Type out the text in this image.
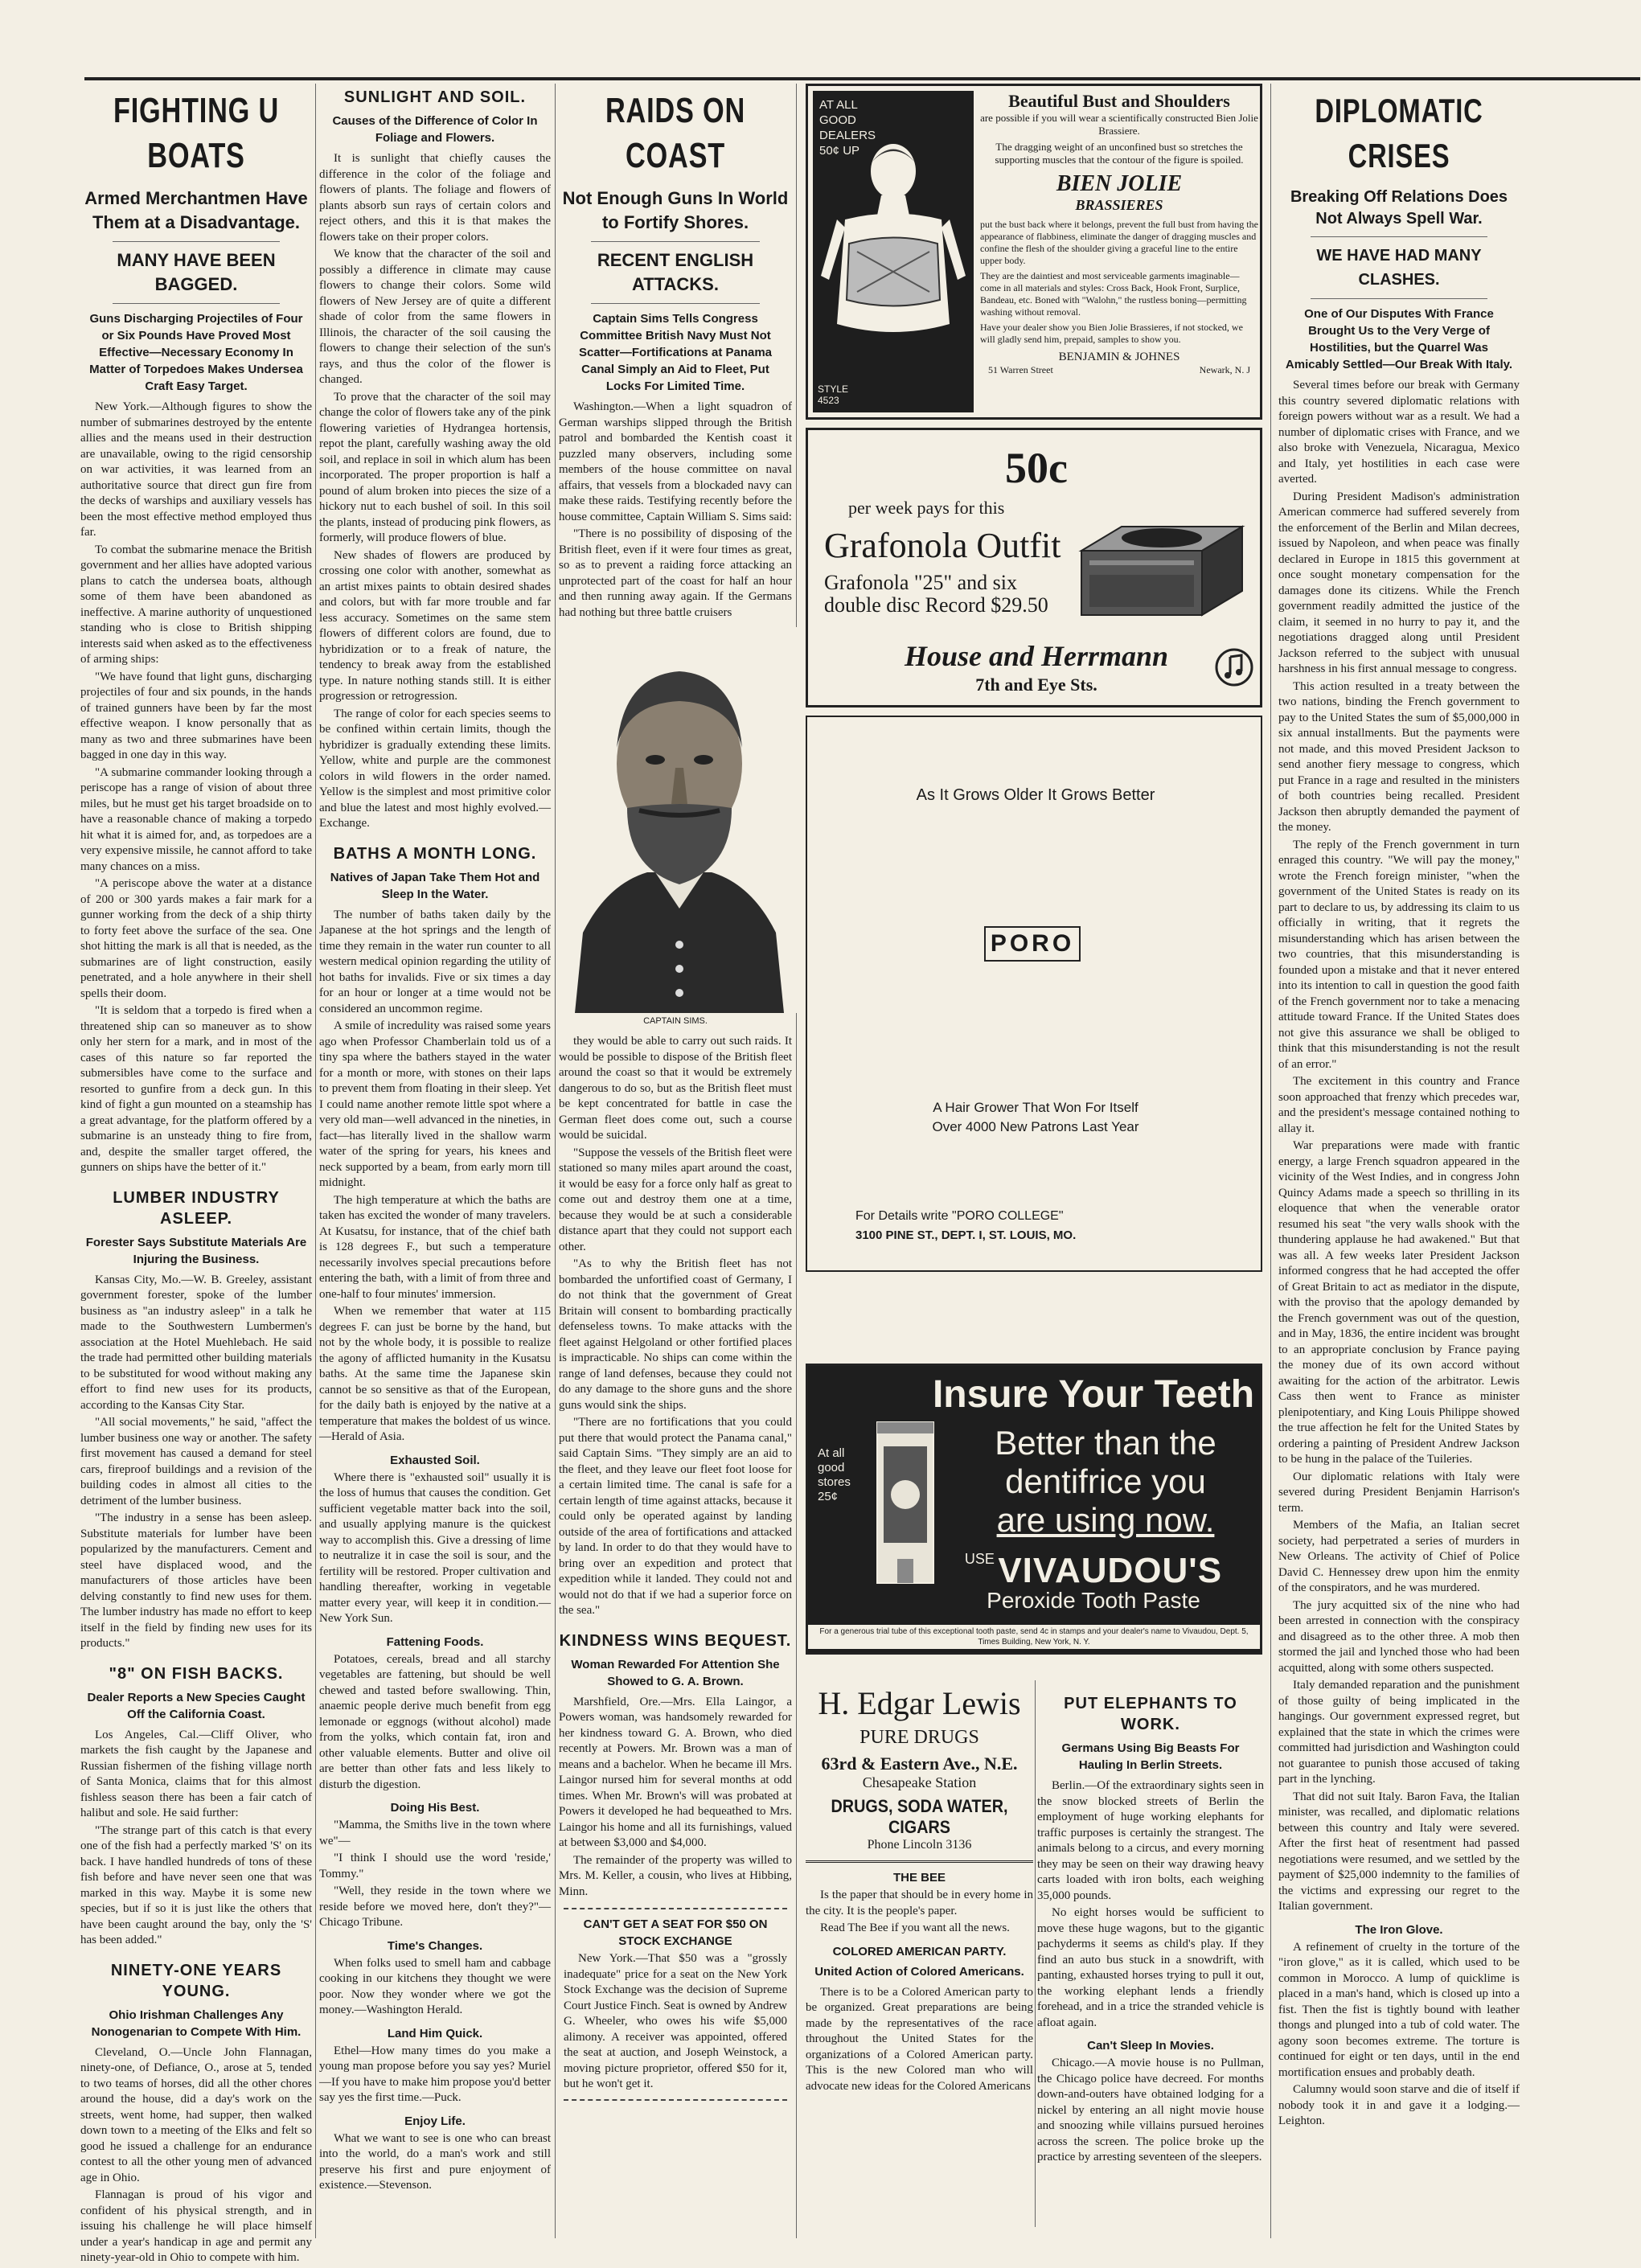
FIGHTING U BOATS
Armed Merchantmen Have Them at a Disadvantage.
MANY HAVE BEEN BAGGED.
Guns Discharging Projectiles of Four or Six Pounds Have Proved Most Effective—Necessary Economy In Matter of Torpedoes Makes Undersea Craft Easy Target.

New York.—Although figures to show the number of submarines destroyed by the entente allies and the means used in their destruction are unavailable, owing to the rigid censorship on war activities, it was learned from an authoritative source that direct gun fire from the decks of warships and auxiliary vessels has been the most effective method employed thus far.

To combat the submarine menace the British government and her allies have adopted various plans to catch the undersea boats, although some of them have been abandoned as ineffective. A marine authority of unquestioned standing who is close to British shipping interests said when asked as to the effectiveness of arming ships:

"We have found that light guns, discharging projectiles of four and six pounds, in the hands of trained gunners have been by far the most effective weapon. I know personally that as many as two and three submarines have been bagged in one day in this way.

"A submarine commander looking through a periscope has a range of vision of about three miles, but he must get his target broadside on to have a reasonable chance of making a torpedo hit what it is aimed for, and, as torpedoes are a very expensive missile, he cannot afford to take many chances on a miss.

"A periscope above the water at a distance of 200 or 300 yards makes a fair mark for a gunner working from the deck of a ship thirty to forty feet above the surface of the sea. One shot hitting the mark is all that is needed, as the submarines are of light construction, easily penetrated, and a hole anywhere in their shell spells their doom.

"It is seldom that a torpedo is fired when a threatened ship can so maneuver as to show only her stern for a mark, and in most of the cases of this nature so far reported the submersibles have come to the surface and resorted to gunfire from a deck gun. In this kind of fight a gun mounted on a steamship has a great advantage, for the platform offered by a submarine is an unsteady thing to fire from, and, despite the smaller target offered, the gunners on ships have the better of it."

LUMBER INDUSTRY ASLEEP.
Forester Says Substitute Materials Are Injuring the Business.

Kansas City, Mo.—W. B. Greeley, assistant government forester, spoke of the lumber business as "an industry asleep" in a talk he made to the Southwestern Lumbermen's association at the Hotel Muehlebach. He said the trade had permitted other building materials to be substituted for wood without making any effort to find new uses for its products, according to the Kansas City Star.

"All social movements," he said, "affect the lumber business one way or another. The safety first movement has caused a demand for steel cars, fireproof buildings and a revision of the building codes in almost all cities to the detriment of the lumber business.

"The industry in a sense has been asleep. Substitute materials for lumber have been popularized by the manufacturers. Cement and steel have displaced wood, and the manufacturers of those articles have been delving constantly to find new uses for them. The lumber industry has made no effort to keep itself in the field by finding new uses for its products."

"8" ON FISH BACKS.
Dealer Reports a New Species Caught Off the California Coast.

Los Angeles, Cal.—Cliff Oliver, who markets the fish caught by the Japanese and Russian fishermen of the fishing village north of Santa Monica, claims that for this almost fishless season there has been a fair catch of halibut and sole. He said further:

"The strange part of this catch is that every one of the fish had a perfectly marked 'S' on its back. I have handled hundreds of tons of these fish before and have never seen one that was marked in this way. Maybe it is some new species, but if so it is just like the others that have been caught around the bay, only the 'S' has been added."

NINETY-ONE YEARS YOUNG.
Ohio Irishman Challenges Any Nonogenarian to Compete With Him.

Cleveland, O.—Uncle John Flannagan, ninety-one, of Defiance, O., arose at 5, tended to two teams of horses, did all the other chores around the house, did a day's work on the streets, went home, had supper, then walked down town to a meeting of the Elks and felt so good he issued a challenge for an endurance contest to all the other young men of advanced age in Ohio.

Flannagan is proud of his vigor and confident of his physical strength, and in issuing his challenge he will place himself under a year's handicap in age and permit any ninety-year-old in Ohio to compete with him.

SUNLIGHT AND SOIL.
Causes of the Difference of Color In Foliage and Flowers.

It is sunlight that chiefly causes the difference in the color of the foliage and flowers of plants. The foliage and flowers of plants absorb sun rays of certain colors and reject others, and this it is that makes the flowers take on their proper colors.

We know that the character of the soil and possibly a difference in climate may cause flowers to change their colors. Some wild flowers of New Jersey are of quite a different shade of color from the same flowers in Illinois, the character of the soil causing the flowers to change their selection of the sun's rays, and thus the color of the flower is changed.

To prove that the character of the soil may change the color of flowers take any of the pink flowering varieties of Hydrangea hortensis, repot the plant, carefully washing away the old soil, and replace in soil in which alum has been incorporated. The proper proportion is half a pound of alum broken into pieces the size of a hickory nut to each bushel of soil. In this soil the plants, instead of producing pink flowers, as formerly, will produce flowers of blue.

New shades of flowers are produced by crossing one color with another, somewhat as an artist mixes paints to obtain desired shades and colors, but with far more trouble and far less accuracy. Sometimes on the same stem flowers of different colors are found, due to hybridization or to a freak of nature, the tendency to break away from the established type. In nature nothing stands still. It is either progression or retrogression.

The range of color for each species seems to be confined within certain limits, though the hybridizer is gradually extending these limits. Yellow, white and purple are the commonest colors in wild flowers in the order named. Yellow is the simplest and most primitive color and blue the latest and most highly evolved.—Exchange.

BATHS A MONTH LONG.
Natives of Japan Take Them Hot and Sleep In the Water.

The number of baths taken daily by the Japanese at the hot springs and the length of time they remain in the water run counter to all western medical opinion regarding the utility of hot baths for invalids. Five or six times a day for an hour or longer at a time would not be considered an uncommon regime.

A smile of incredulity was raised some years ago when Professor Chamberlain told us of a tiny spa where the bathers stayed in the water for a month or more, with stones on their laps to prevent them from floating in their sleep. Yet I could name another remote little spot where a very old man—well advanced in the nineties, in fact—has literally lived in the shallow warm water of the spring for years, his knees and neck supported by a beam, from early morn till midnight.

The high temperature at which the baths are taken has excited the wonder of many travelers. At Kusatsu, for instance, that of the chief bath is 128 degrees F., but such a temperature necessarily involves special precautions before entering the bath, with a limit of from three and one-half to four minutes' immersion.

When we remember that water at 115 degrees F. can just be borne by the hand, but not by the whole body, it is possible to realize the agony of afflicted humanity in the Kusatsu baths. At the same time the Japanese skin cannot be so sensitive as that of the European, for the daily bath is enjoyed by the native at a temperature that makes the boldest of us wince.—Herald of Asia.

Exhausted Soil.

Where there is "exhausted soil" usually it is the loss of humus that causes the condition. Get sufficient vegetable matter back into the soil, and usually applying manure is the quickest way to accomplish this. Give a dressing of lime to neutralize it in case the soil is sour, and the fertility will be restored. Proper cultivation and handling thereafter, working in vegetable matter every year, will keep it in condition.—New York Sun.

Fattening Foods.

Potatoes, cereals, bread and all starchy vegetables are fattening, but should be well chewed and tasted before swallowing. Thin, anaemic people derive much benefit from egg lemonade or eggnogs (without alcohol) made from the yolks, which contain fat, iron and other valuable elements. Butter and olive oil are better than other fats and less likely to disturb the digestion.

Doing His Best.

"Mamma, the Smiths live in the town where we"—

"I think I should use the word 'reside,' Tommy."

"Well, they reside in the town where we reside before we moved here, don't they?"—Chicago Tribune.

Time's Changes.

When folks used to smell ham and cabbage cooking in our kitchens they thought we were poor. Now they wonder where we got the money.—Washington Herald.

Land Him Quick.

Ethel—How many times do you make a young man propose before you say yes? Muriel—If you have to make him propose you'd better say yes the first time.—Puck.

Enjoy Life.

What we want to see is one who can breast into the world, do a man's work and still preserve his first and pure enjoyment of existence.—Stevenson.

RAIDS ON COAST
Not Enough Guns In World to Fortify Shores.
RECENT ENGLISH ATTACKS.
Captain Sims Tells Congress Committee British Navy Must Not Scatter—Fortifications at Panama Canal Simply an Aid to Fleet, Put Locks For Limited Time.

Washington.—When a light squadron of German warships slipped through the British patrol and bombarded the Kentish coast it puzzled many observers, including some members of the house committee on naval affairs, that vessels from a blockaded navy can make these raids. Testifying recently before the house committee, Captain William S. Sims said:

"There is no possibility of disposing of the British fleet, even if it were four times as great, so as to prevent a raiding force attacking an unprotected part of the coast for half an hour and then running away again. If the Germans had nothing but three battle cruisers

CAPTAIN SIMS.

they would be able to carry out such raids. It would be possible to dispose of the British fleet around the coast so that it would be extremely dangerous to do so, but as the British fleet must be kept concentrated for battle in case the German fleet does come out, such a course would be suicidal.

"Suppose the vessels of the British fleet were stationed so many miles apart around the coast, it would be easy for a force only half as great to come out and destroy them one at a time, because they would be at such a considerable distance apart that they could not support each other.

"As to why the British fleet has not bombarded the unfortified coast of Germany, I do not think that the government of Great Britain will consent to bombarding practically defenseless towns. To make attacks with the fleet against Helgoland or other fortified places is impracticable. No ships can come within the range of land defenses, because they could not do any damage to the shore guns and the shore guns would sink the ships.

"There are no fortifications that you could put there that would protect the Panama canal," said Captain Sims. "They simply are an aid to the fleet, and they leave our fleet foot loose for a certain limited time. The canal is safe for a certain length of time against attacks, because it could only be operated against by landing outside of the area of fortifications and attacked by land. In order to do that they would have to bring over an expedition and protect that expedition while it landed. They could not and would not do that if we had a superior force on the sea."

KINDNESS WINS BEQUEST.
Woman Rewarded For Attention She Showed to G. A. Brown.

Marshfield, Ore.—Mrs. Ella Laingor, a Powers woman, was handsomely rewarded for her kindness toward G. A. Brown, who died recently at Powers. Mr. Brown was a man of means and a bachelor. When he became ill Mrs. Laingor nursed him for several months at odd times. When Mr. Brown's will was probated at Powers it developed he had bequeathed to Mrs. Laingor his home and all its furnishings, valued at between $3,000 and $4,000.

The remainder of the property was willed to Mrs. M. Keller, a cousin, who lives at Hibbing, Minn.

CAN'T GET A SEAT FOR $50 ON STOCK EXCHANGE

New York.—That $50 was a "grossly inadequate" price for a seat on the New York Stock Exchange was the decision of Supreme Court Justice Finch. Seat is owned by Andrew G. Wheeler, who owes his wife $5,000 alimony. A receiver was appointed, offered the seat at auction, and Joseph Weinstock, a moving picture proprietor, offered $50 for it, but he won't get it.

AT ALL GOOD DEALERS 50¢ UP
STYLE 4523
Beautiful Bust and Shoulders
are possible if you will wear a scientifically constructed Bien Jolie Brassiere.
The dragging weight of an unconfined bust so stretches the supporting muscles that the contour of the figure is spoiled.
BIEN JOLIE
BRASSIERES
put the bust back where it belongs, prevent the full bust from having the appearance of flabbiness, eliminate the danger of dragging muscles and confine the flesh of the shoulder giving a graceful line to the entire upper body.
They are the daintiest and most serviceable garments imaginable—come in all materials and styles: Cross Back, Hook Front, Surplice, Bandeau, etc. Boned with "Walohn," the rustless boning—permitting washing without removal.
Have your dealer show you Bien Jolie Brassieres, if not stocked, we will gladly send him, prepaid, samples to show you.
BENJAMIN & JOHNES
51 Warren Street	Newark, N. J
50c
per week pays for this
Grafonola Outfit
Grafonola "25" and six double disc Record $29.50
House and Herrmann
7th and Eye Sts.
As It Grows Older It Grows Better
PORO
A Hair Grower That Won For Itself
Over 4000 New Patrons Last Year
For Details write "PORO COLLEGE"
3100 PINE ST., DEPT. I, ST. LOUIS, MO.
Insure Your Teeth
At all good stores 25¢
Better than the
dentifrice you
are using now.
USE VIVAUDOU'S
Peroxide Tooth Paste
For a generous trial tube of this exceptional tooth paste, send 4c in stamps and your dealer's name to Vivaudou, Dept. 5, Times Building, New York, N. Y.
H. Edgar Lewis
PURE DRUGS
63rd & Eastern Ave., N.E.
Chesapeake Station
DRUGS, SODA WATER, CIGARS
Phone Lincoln 3136
THE BEE

Is the paper that should be in every home in the city. It is the people's paper.

Read The Bee if you want all the news.

COLORED AMERICAN PARTY.
United Action of Colored Americans.

There is to be a Colored American party to be organized. Great preparations are being made by the representatives of the race throughout the United States for the organizations of a Colored American party. This is the new Colored man who will advocate new ideas for the Colored Americans

PUT ELEPHANTS TO WORK.
Germans Using Big Beasts For Hauling In Berlin Streets.

Berlin.—Of the extraordinary sights seen in the snow blocked streets of Berlin the employment of huge working elephants for traffic purposes is certainly the strangest. The animals belong to a circus, and every morning they may be seen on their way drawing heavy carts loaded with iron bolts, each weighing 35,000 pounds.

No eight horses would be sufficient to move these huge wagons, but to the gigantic pachyderms it seems as child's play. If they find an auto bus stuck in a snowdrift, with panting, exhausted horses trying to pull it out, the working elephant lends a friendly forehead, and in a trice the stranded vehicle is afloat again.

Can't Sleep In Movies.

Chicago.—A movie house is no Pullman, the Chicago police have decreed. For months down-and-outers have obtained lodging for a nickel by entering an all night movie house and snoozing while villains pursued heroines across the screen. The police broke up the practice by arresting seventeen of the sleepers.

DIPLOMATIC CRISES
Breaking Off Relations Does Not Always Spell War.
WE HAVE HAD MANY CLASHES.
One of Our Disputes With France Brought Us to the Very Verge of Hostilities, but the Quarrel Was Amicably Settled—Our Break With Italy.

Several times before our break with Germany this country severed diplomatic relations with foreign powers without war as a result. We had a number of diplomatic crises with France, and we also broke with Venezuela, Nicaragua, Mexico and Italy, yet hostilities in each case were averted.

During President Madison's administration American commerce had suffered severely from the enforcement of the Berlin and Milan decrees, issued by Napoleon, and when peace was finally declared in Europe in 1815 this government at once sought monetary compensation for the damages done its citizens. While the French government readily admitted the justice of the claim, it seemed in no hurry to pay it, and the negotiations dragged along until President Jackson referred to the subject with unusual harshness in his first annual message to congress.

This action resulted in a treaty between the two nations, binding the French government to pay to the United States the sum of $5,000,000 in six annual installments. But the payments were not made, and this moved President Jackson to send another fiery message to congress, which put France in a rage and resulted in the ministers of both countries being recalled. President Jackson then abruptly demanded the payment of the money.

The reply of the French government in turn enraged this country. "We will pay the money," wrote the French foreign minister, "when the government of the United States is ready on its part to declare to us, by addressing its claim to us officially in writing, that it regrets the misunderstanding which has arisen between the two countries, that this misunderstanding is founded upon a mistake and that it never entered into its intention to call in question the good faith of the French government nor to take a menacing attitude toward France. If the United States does not give this assurance we shall be obliged to think that this misunderstanding is not the result of an error."

The excitement in this country and France soon approached that frenzy which precedes war, and the president's message contained nothing to allay it.

War preparations were made with frantic energy, a large French squadron appeared in the vicinity of the West Indies, and in congress John Quincy Adams made a speech so thrilling in its eloquence that when the venerable orator resumed his seat "the very walls shook with the thundering applause he had awakened." But that was all. A few weeks later President Jackson informed congress that he had accepted the offer of Great Britain to act as mediator in the dispute, with the proviso that the apology demanded by the French government was out of the question, and in May, 1836, the entire incident was brought to an appropriate conclusion by France paying the money due of its own accord without awaiting for the action of the arbitrator. Lewis Cass then went to France as minister plenipotentiary, and King Louis Philippe showed the true affection he felt for the United States by ordering a painting of President Andrew Jackson to be hung in the palace of the Tuileries.

Our diplomatic relations with Italy were severed during President Benjamin Harrison's term.

Members of the Mafia, an Italian secret society, had perpetrated a series of murders in New Orleans. The activity of Chief of Police David C. Hennessey drew upon him the enmity of the conspirators, and he was murdered.

The jury acquitted six of the nine who had been arrested in connection with the conspiracy and disagreed as to the other three. A mob then stormed the jail and lynched those who had been acquitted, along with some others suspected.

Italy demanded reparation and the punishment of those guilty of being implicated in the hangings. Our government expressed regret, but explained that the state in which the crimes were committed had jurisdiction and Washington could not guarantee to punish those accused of taking part in the lynching.

That did not suit Italy. Baron Fava, the Italian minister, was recalled, and diplomatic relations between this country and Italy were severed. After the first heat of resentment had passed negotiations were resumed, and we settled by the payment of $25,000 indemnity to the families of the victims and expressing our regret to the Italian government.

The Iron Glove.

A refinement of cruelty in the torture of the "iron glove," as it is called, which used to be common in Morocco. A lump of quicklime is placed in a man's hand, which is closed up into a fist. Then the fist is tightly bound with leather thongs and plunged into a tub of cold water. The agony soon becomes extreme. The torture is continued for eight or ten days, until in the end mortification ensues and probably death.

Calumny would soon starve and die of itself if nobody took it in and gave it a lodging.—Leighton.
